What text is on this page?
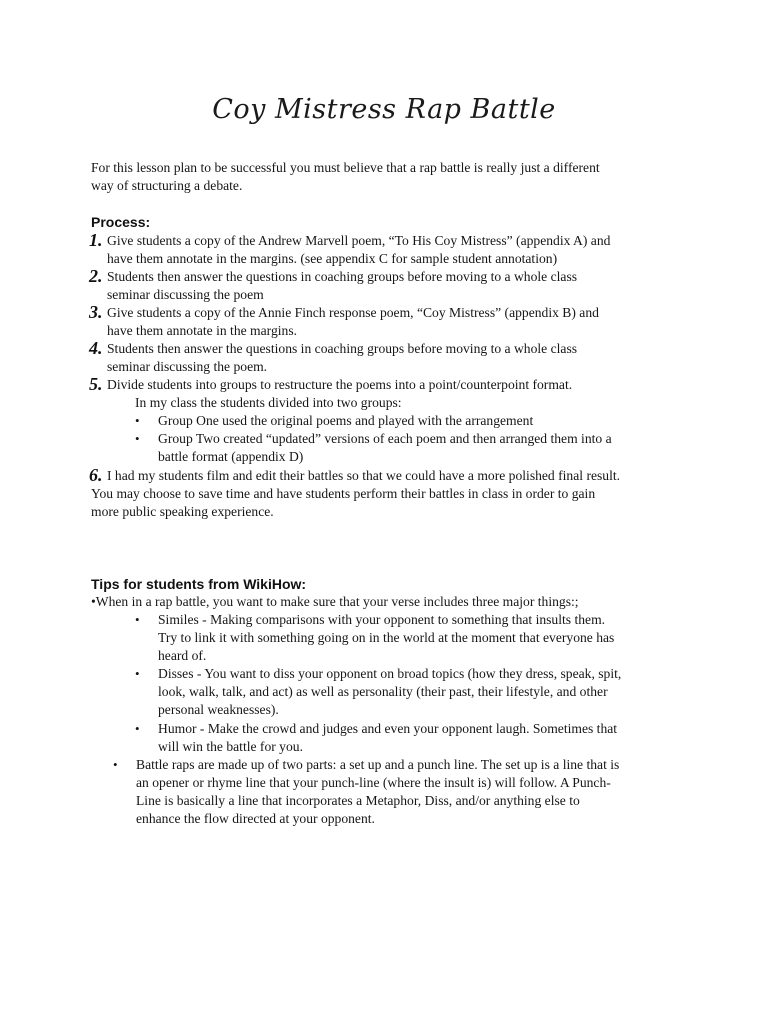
Coy Mistress Rap Battle
For this lesson plan to be successful you must believe that a rap battle is really just a different
way of structuring a debate.
Process:
1. Give students a copy of the Andrew Marvell poem, “To His Coy Mistress” (appendix A) and
have them annotate in the margins. (see appendix C for sample student annotation)
2. Students then answer the questions in coaching groups before moving to a whole class
seminar discussing the poem
3. Give students a copy of the Annie Finch response poem, “Coy Mistress” (appendix B) and
have them annotate in the margins.
4. Students then answer the questions in coaching groups before moving to a whole class
seminar discussing the poem.
5. Divide students into groups to restructure the poems into a point/counterpoint format.
In my class the students divided into two groups:
• Group One used the original poems and played with the arrangement
• Group Two created “updated” versions of each poem and then arranged them into a
battle format (appendix D)
6. I had my students film and edit their battles so that we could have a more polished final result.
You may choose to save time and have students perform their battles in class in order to gain
more public speaking experience.
Tips for students from WikiHow:
•When in a rap battle, you want to make sure that your verse includes three major things:;
• Similes - Making comparisons with your opponent to something that insults them.
Try to link it with something going on in the world at the moment that everyone has
heard of.
• Disses - You want to diss your opponent on broad topics (how they dress, speak, spit,
look, walk, talk, and act) as well as personality (their past, their lifestyle, and other
personal weaknesses).
• Humor - Make the crowd and judges and even your opponent laugh. Sometimes that
will win the battle for you.
• Battle raps are made up of two parts: a set up and a punch line. The set up is a line that is
an opener or rhyme line that your punch-line (where the insult is) will follow. A Punch-
Line is basically a line that incorporates a Metaphor, Diss, and/or anything else to
enhance the flow directed at your opponent.
